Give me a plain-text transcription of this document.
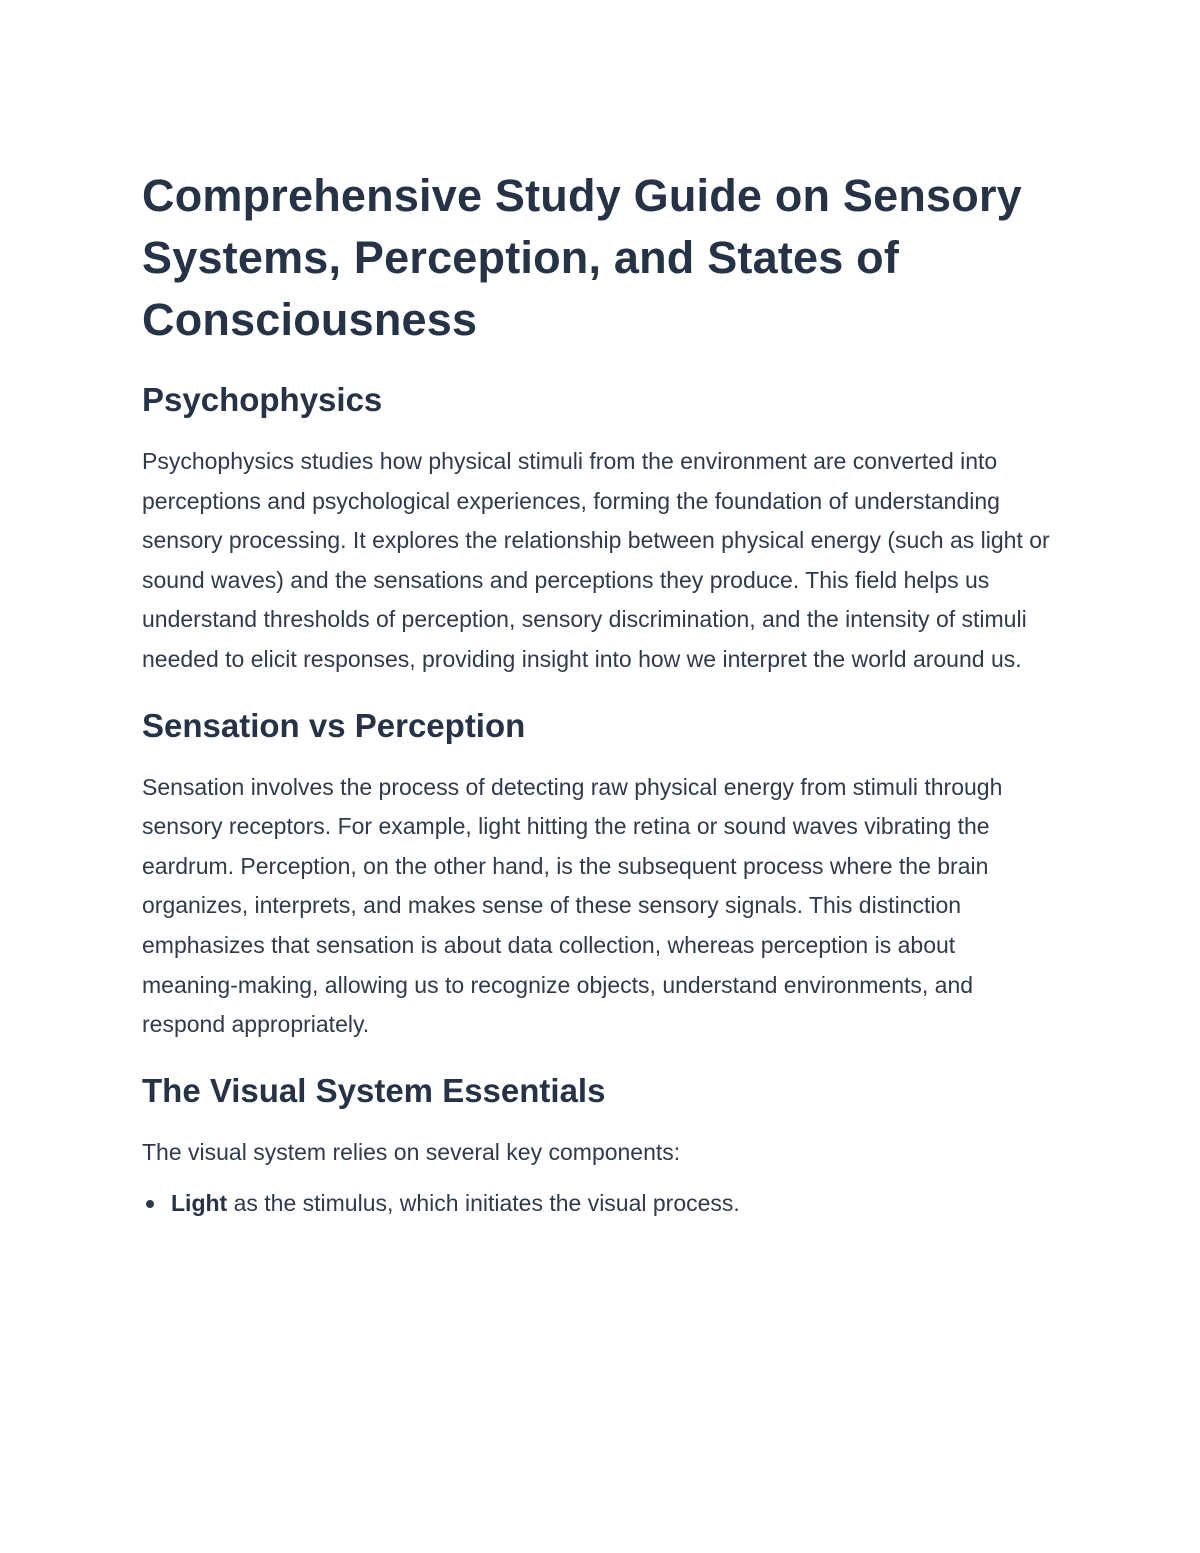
Comprehensive Study Guide on Sensory Systems, Perception, and States of Consciousness
Psychophysics

Psychophysics studies how physical stimuli from the environment are converted into perceptions and psychological experiences, forming the foundation of understanding sensory processing. It explores the relationship between physical energy (such as light or sound waves) and the sensations and perceptions they produce. This field helps us understand thresholds of perception, sensory discrimination, and the intensity of stimuli needed to elicit responses, providing insight into how we interpret the world around us.

Sensation vs Perception

Sensation involves the process of detecting raw physical energy from stimuli through sensory receptors. For example, light hitting the retina or sound waves vibrating the eardrum. Perception, on the other hand, is the subsequent process where the brain organizes, interprets, and makes sense of these sensory signals. This distinction emphasizes that sensation is about data collection, whereas perception is about meaning-making, allowing us to recognize objects, understand environments, and respond appropriately.

The Visual System Essentials

The visual system relies on several key components:

Light as the stimulus, which initiates the visual process.
